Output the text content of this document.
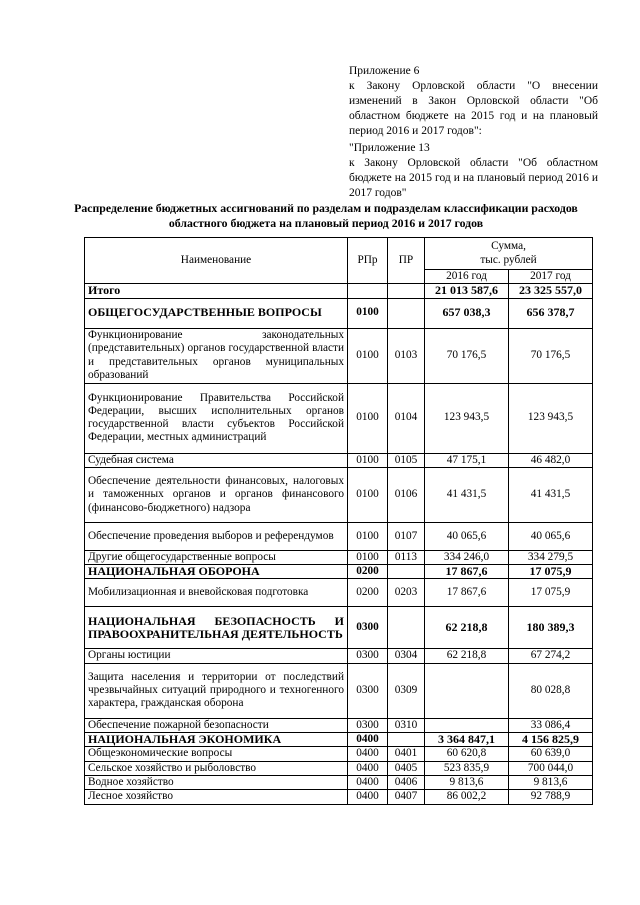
Приложение 6
к Закону Орловской области "О внесении изменений в Закон Орловской области "Об областном бюджете на 2015 год и на плановый период 2016 и 2017 годов":
"Приложение 13
к Закону Орловской области "Об областном бюджете на 2015 год и на плановый период 2016 и 2017 годов"
Распределение бюджетных ассигнований по разделам и подразделам классификации расходов областного бюджета на плановый период 2016 и 2017 годов
Наименование	РПр	ПР	Сумма,
тыс. рублей	

			2016 год	2017 год
Итого			21 013 587,6	23 325 557,0
ОБЩЕГОСУДАРСТВЕННЫЕ ВОПРОСЫ	0100		657 038,3	656 378,7
Функционирование законодательных (представительных) органов государственной власти и представительных органов муниципальных образований	0100	0103	70 176,5	70 176,5
Функционирование Правительства Российской Федерации, высших исполнительных органов государственной власти субъектов Российской Федерации, местных администраций	0100	0104	123 943,5	123 943,5
Судебная система	0100	0105	47 175,1	46 482,0
Обеспечение деятельности финансовых, налоговых и таможенных органов и органов финансового (финансово-бюджетного) надзора	0100	0106	41 431,5	41 431,5
Обеспечение проведения выборов и референдумов	0100	0107	40 065,6	40 065,6
Другие общегосударственные вопросы	0100	0113	334 246,0	334 279,5
НАЦИОНАЛЬНАЯ ОБОРОНА	0200		17 867,6	17 075,9
Мобилизационная и вневойсковая подготовка	0200	0203	17 867,6	17 075,9
НАЦИОНАЛЬНАЯ БЕЗОПАСНОСТЬ И ПРАВООХРАНИТЕЛЬНАЯ ДЕЯТЕЛЬНОСТЬ	0300		62 218,8	180 389,3
Органы юстиции	0300	0304	62 218,8	67 274,2
Защита населения и территории от последствий чрезвычайных ситуаций природного и техногенного характера, гражданская оборона	0300	0309		80 028,8
Обеспечение пожарной безопасности	0300	0310		33 086,4
НАЦИОНАЛЬНАЯ ЭКОНОМИКА	0400		3 364 847,1	4 156 825,9
Общеэкономические вопросы	0400	0401	60 620,8	60 639,0
Сельское хозяйство и рыболовство	0400	0405	523 835,9	700 044,0
Водное хозяйство	0400	0406	9 813,6	9 813,6
Лесное хозяйство	0400	0407	86 002,2	92 788,9
